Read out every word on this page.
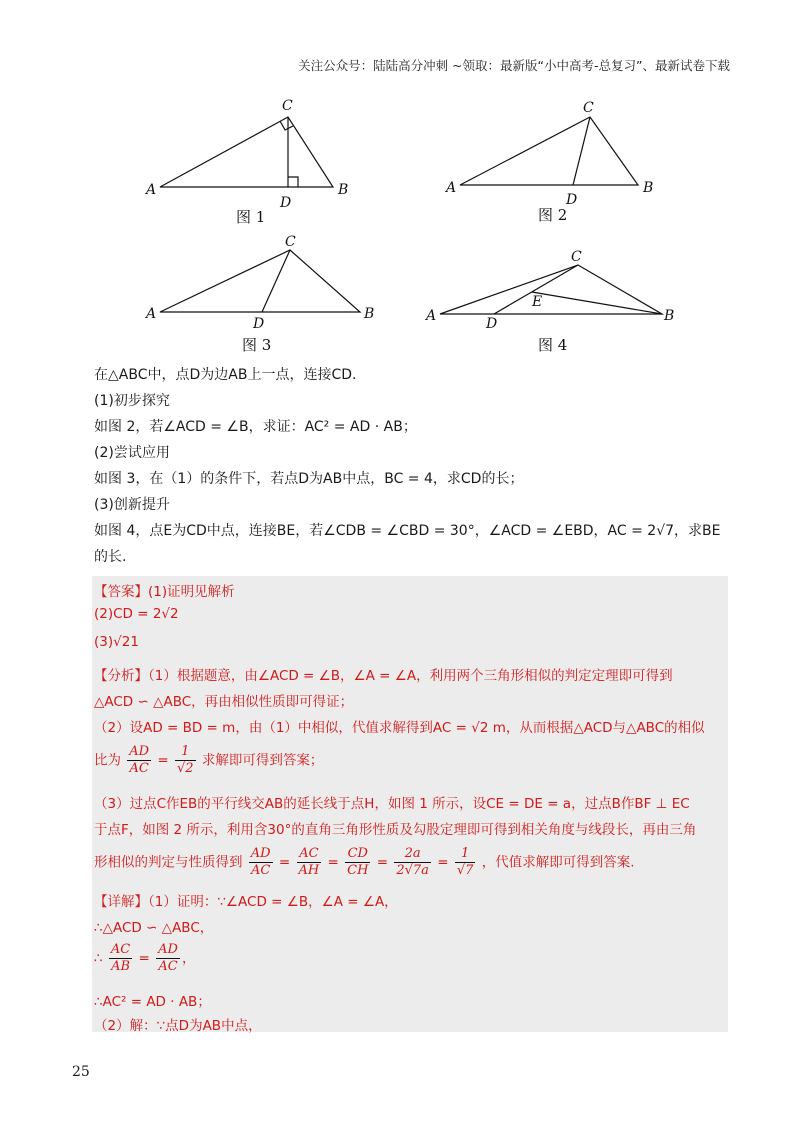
关注公众号：陆陆高分冲刺 ~领取：最新版“小中高考-总复习”、最新试卷下载
A
C
B
D
图 1
A
C
B
D
图 2
A
C
B
D
图 3
A
C
B
D
E
图 4
在△ABC中，点D为边AB上一点，连接CD.
(1)初步探究
如图 2，若∠ACD = ∠B，求证：AC² = AD · AB；
(2)尝试应用
如图 3，在（1）的条件下，若点D为AB中点，BC = 4，求CD的长；
(3)创新提升
如图 4，点E为CD中点，连接BE，若∠CDB = ∠CBD = 30°，∠ACD = ∠EBD，AC = 2√7，求BE
的长.
【答案】(1)证明见解析
(2)CD = 2√2
(3)√21
【分析】（1）根据题意，由∠ACD = ∠B，∠A = ∠A，利用两个三角形相似的判定定理即可得到
△ACD ∽ △ABC，再由相似性质即可得证；
（2）设AD = BD = m，由（1）中相似，代值求解得到AC = √2 m，从而根据△ACD与△ABC的相似
比为 $\frac{AD}{AC} = \frac{1}{√2}$ 求解即可得到答案；
（3）过点C作EB的平行线交AB的延长线于点H，如图 1 所示，设CE = DE = a，过点B作BF ⊥ EC
于点F，如图 2 所示，利用含30°的直角三角形性质及勾股定理即可得到相关角度与线段长，再由三角
形相似的判定与性质得到 $\frac{AD}{AC} = \frac{AC}{AH} = \frac{CD}{CH} = \frac{2a}{2√7a} = \frac{1}{√7}$ ，代值求解即可得到答案.
【详解】（1）证明：∵∠ACD = ∠B，∠A = ∠A，
∴△ACD ∽ △ABC，
∴ $\frac{AC}{AB} = \frac{AD}{AC}$ ，
∴AC² = AD · AB；
（2）解：∵点D为AB中点，
25
